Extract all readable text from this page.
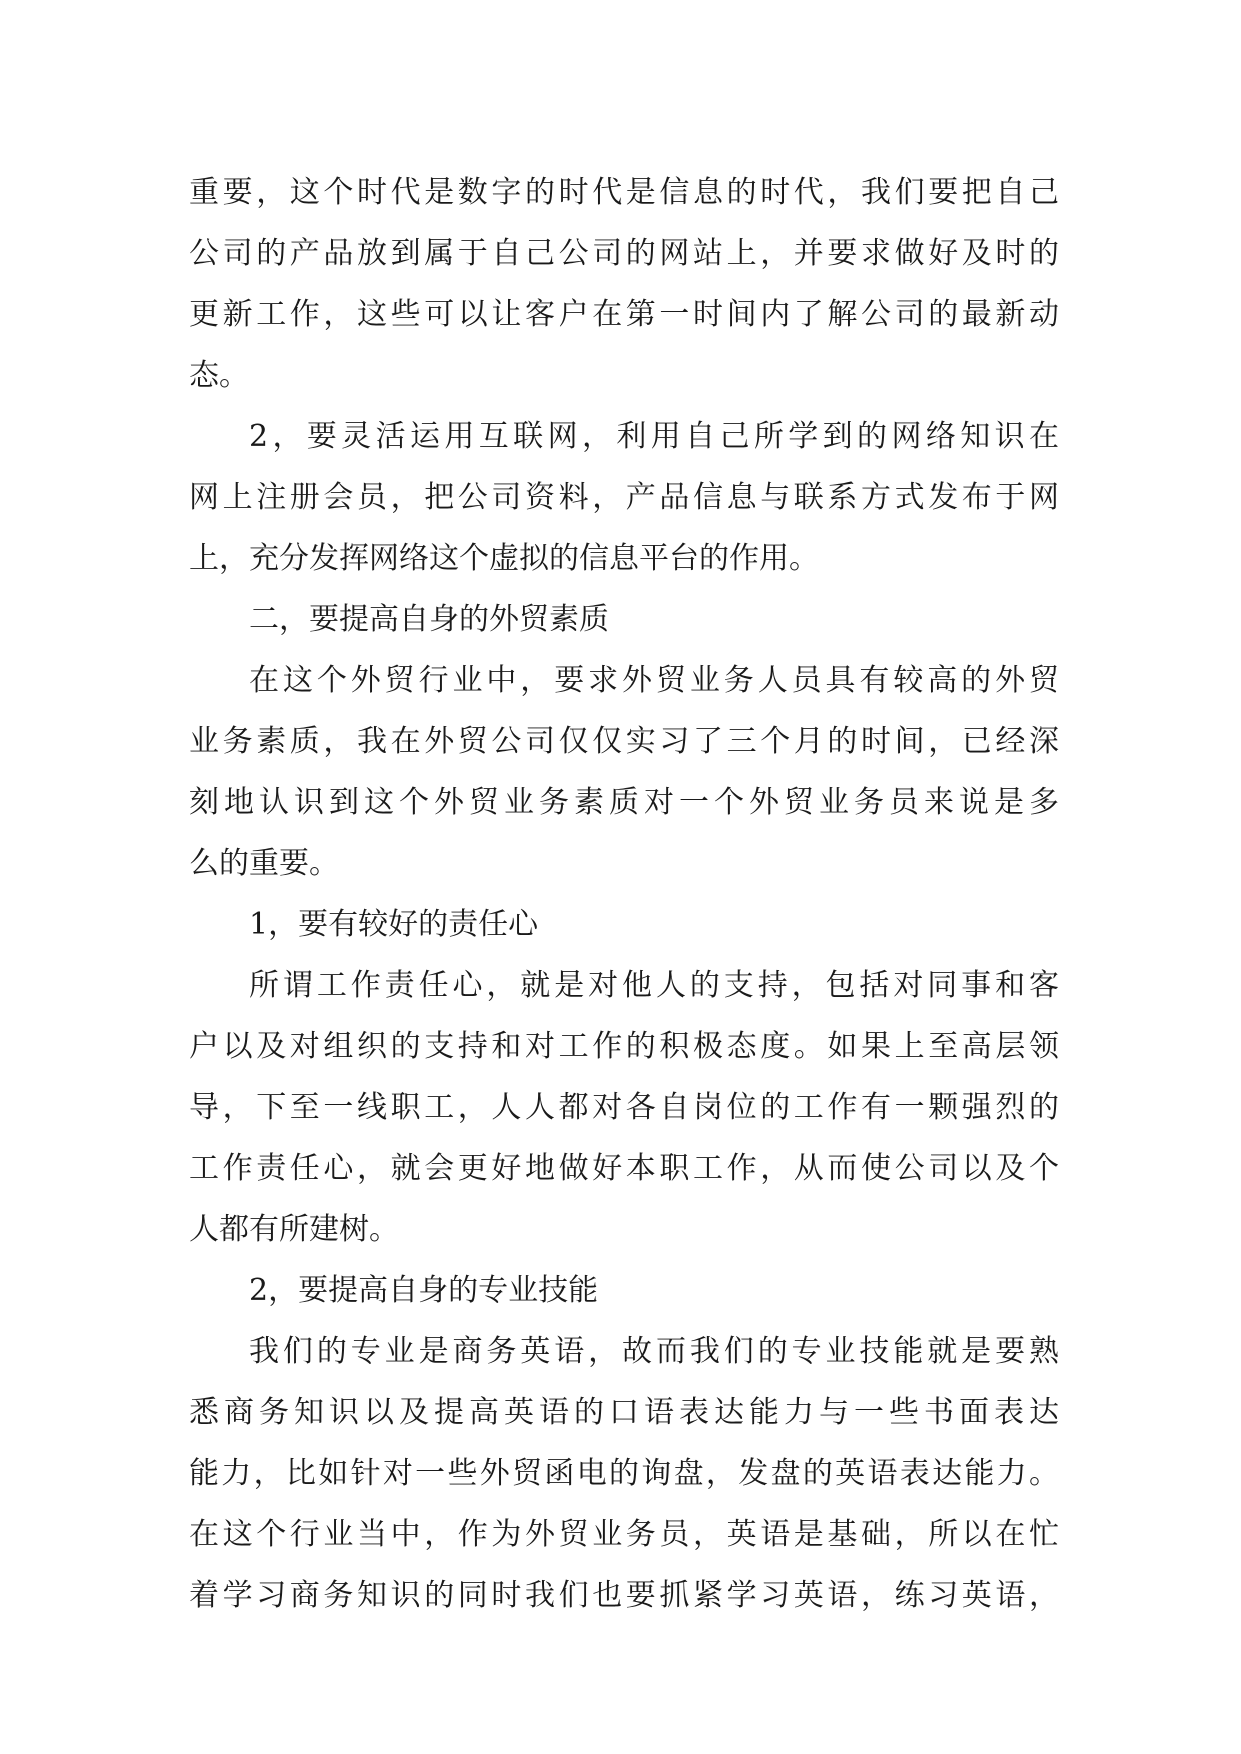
重要，这个时代是数字的时代是信息的时代，我们要把自己
公司的产品放到属于自己公司的网站上，并要求做好及时的
更新工作，这些可以让客户在第一时间内了解公司的最新动
态。
2，要灵活运用互联网，利用自己所学到的网络知识在
网上注册会员，把公司资料，产品信息与联系方式发布于网
上，充分发挥网络这个虚拟的信息平台的作用。
二，要提高自身的外贸素质
在这个外贸行业中，要求外贸业务人员具有较高的外贸
业务素质，我在外贸公司仅仅实习了三个月的时间，已经深
刻地认识到这个外贸业务素质对一个外贸业务员来说是多
么的重要。
1，要有较好的责任心
所谓工作责任心，就是对他人的支持，包括对同事和客
户以及对组织的支持和对工作的积极态度。如果上至高层领
导，下至一线职工，人人都对各自岗位的工作有一颗强烈的
工作责任心，就会更好地做好本职工作，从而使公司以及个
人都有所建树。
2，要提高自身的专业技能
我们的专业是商务英语，故而我们的专业技能就是要熟
悉商务知识以及提高英语的口语表达能力与一些书面表达
能力，比如针对一些外贸函电的询盘，发盘的英语表达能力。
在这个行业当中，作为外贸业务员，英语是基础，所以在忙
着学习商务知识的同时我们也要抓紧学习英语，练习英语，
